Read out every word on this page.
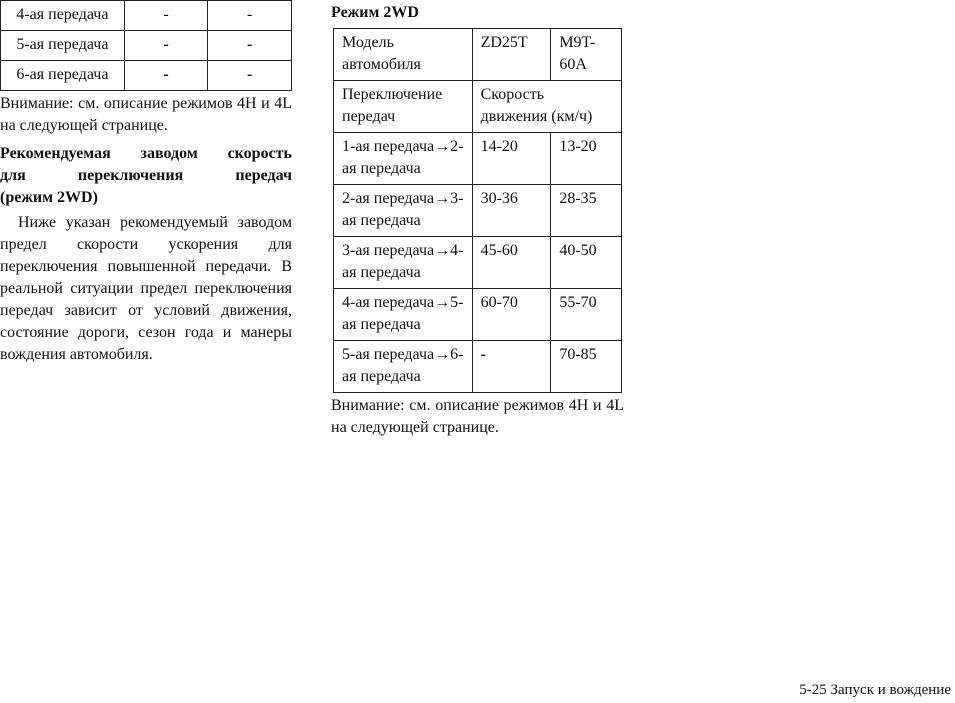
4-ая передача	-	-
5-ая передача	-	-
6-ая передача	-	-

Внимание: см. описание режимов 4H и 4L на следующей странице.

Рекомендуемая заводом скорость
для переключения передач
(режим 2WD)

Ниже указан рекомендуемый заводом предел скорости ускорения для переключения повышенной передачи. В реальной ситуации предел переключения передач зависит от условий движения, состояние дороги, сезон года и манеры вождения автомобиля.

Режим 2WD
Модель автомобиля	ZD25T	M9T-60A
Переключение передач	Скорость движения (км/ч)	
1-ая передача→2-ая передача	14-20	13-20
2-ая передача→3-ая передача	30-36	28-35
3-ая передача→4-ая передача	45-60	40-50
4-ая передача→5-ая передача	60-70	55-70
5-ая передача→6-ая передача	-	70-85

Внимание: см. описание режимов 4H и 4L на следующей странице.

5-25 Запуск и вождение
